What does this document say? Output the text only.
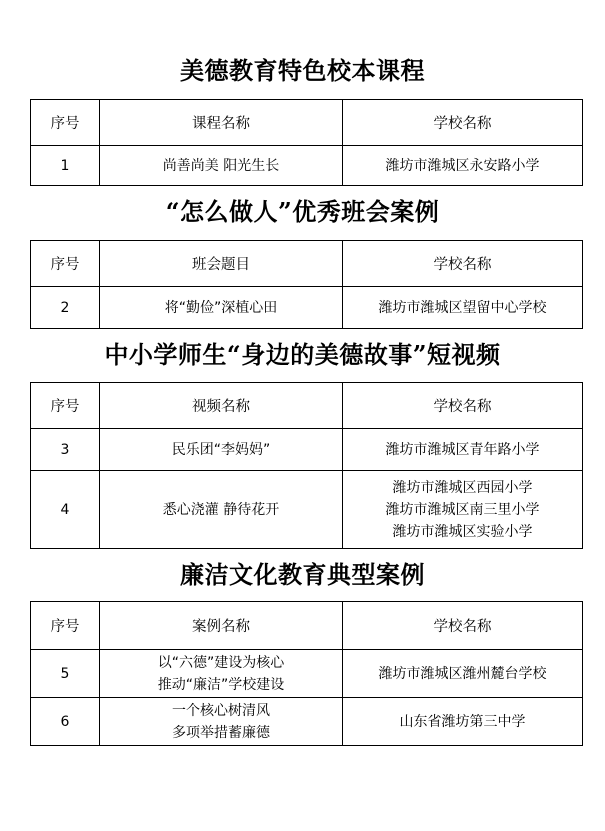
美德教育特色校本课程
序号	课程名称	学校名称
1	尚善尚美 阳光生长	潍坊市潍城区永安路小学
“怎么做人”优秀班会案例
序号	班会题目	学校名称
2	将“勤俭”深植心田	潍坊市潍城区望留中心学校
中小学师生“身边的美德故事”短视频
序号	视频名称	学校名称
3	民乐团“李妈妈”	潍坊市潍城区青年路小学

4	悉心浇灌 静待花开	潍坊市潍城区西园小学
潍坊市潍城区南三里小学
潍坊市潍城区实验小学
廉洁文化教育典型案例
序号	案例名称	学校名称
5	以“六德”建设为核心
推动“廉洁”学校建设	潍坊市潍城区潍州麓台学校

6	一个核心树清风
多项举措蓄廉德	山东省潍坊第三中学
